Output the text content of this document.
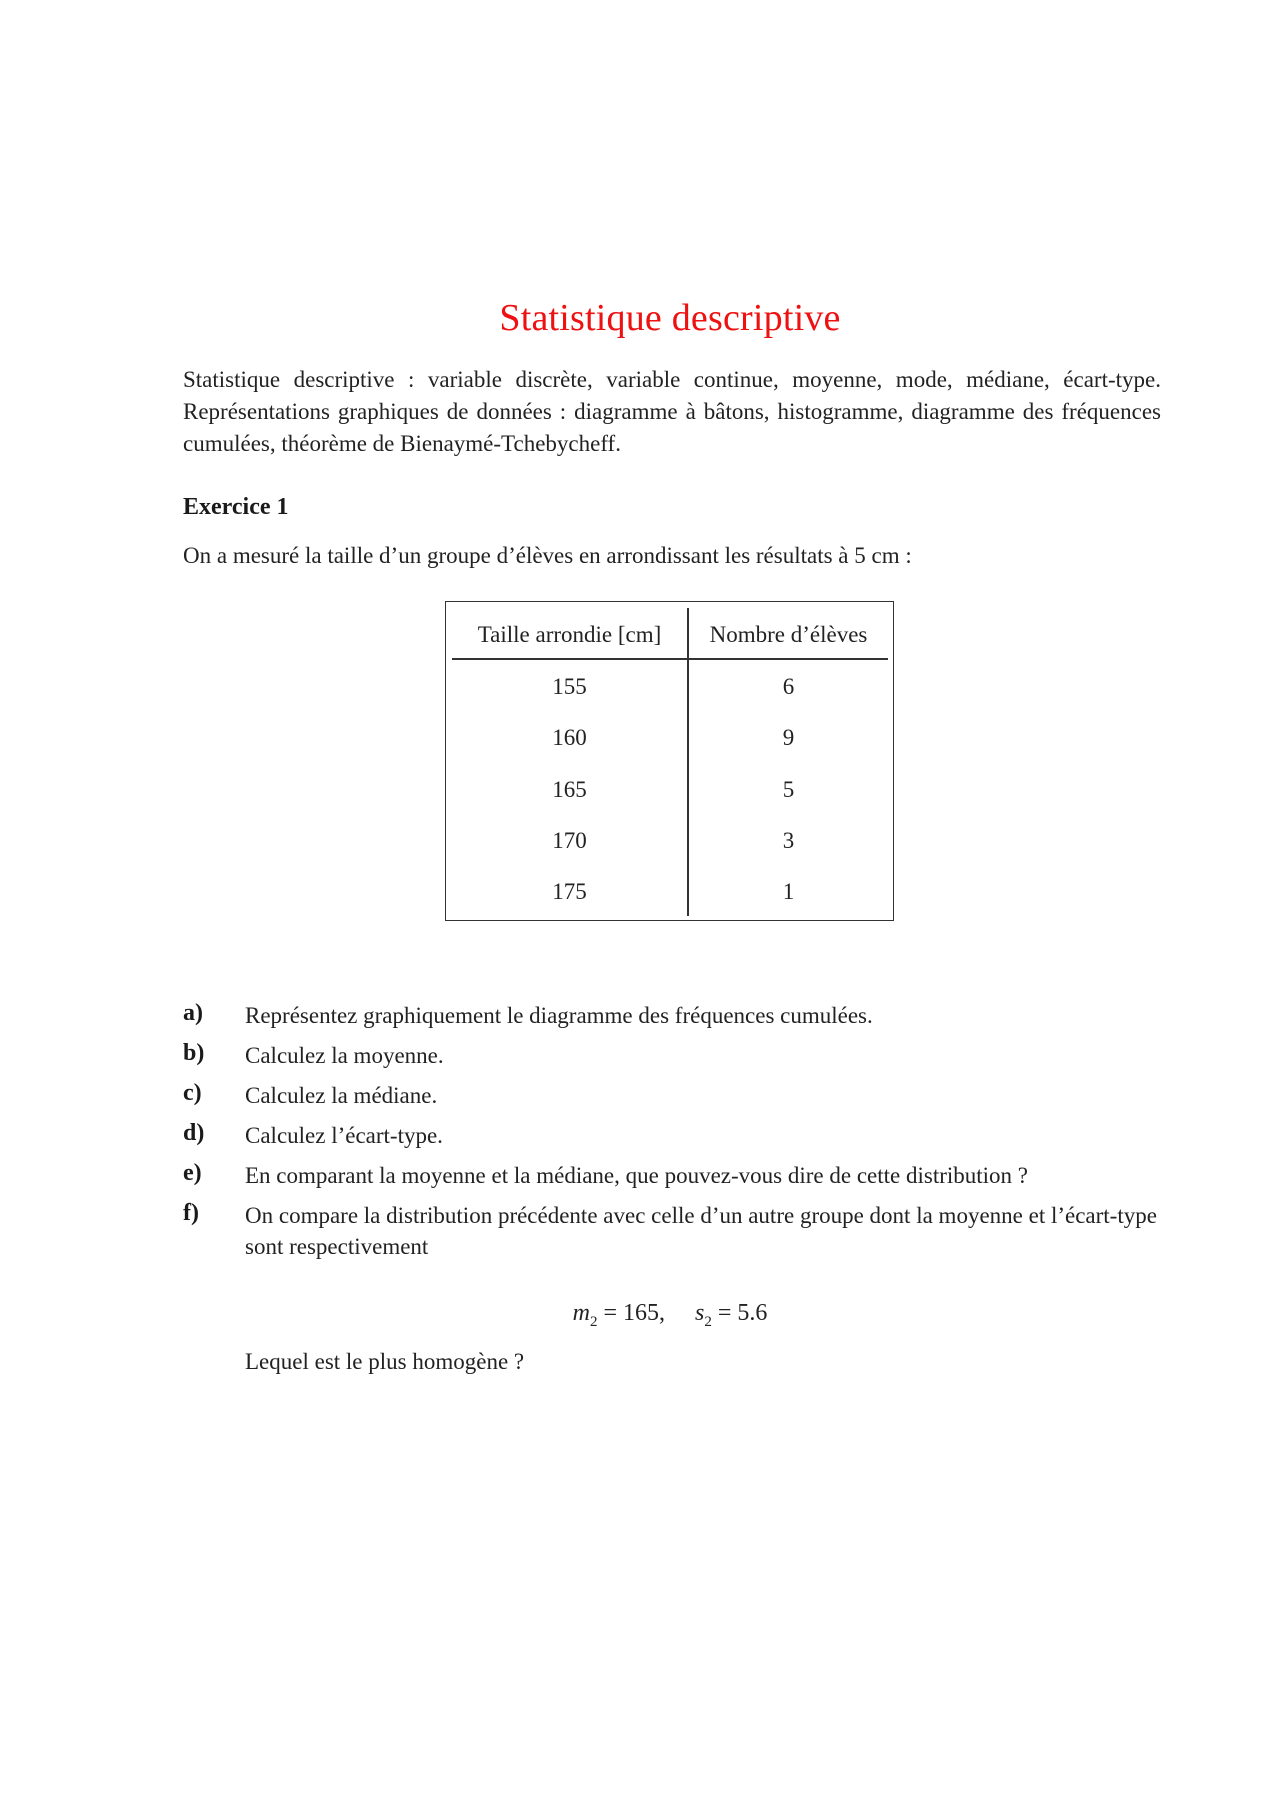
Statistique descriptive
Statistique descriptive : variable discrète, variable continue, moyenne, mode, médiane, écart-type. Représentations graphiques de données : diagramme à bâtons, histogramme, diagramme des fréquences cumulées, théorème de Bienaymé-Tchebycheff.
Exercice 1
On a mesuré la taille d’un groupe d’élèves en arrondissant les résultats à 5 cm :
Taille arrondie [cm]	Nombre d’élèves
155	6
160	9
165	5
170	3
175	1
a) Représentez graphiquement le diagramme des fréquences cumulées.
b) Calculez la moyenne.
c) Calculez la médiane.
d) Calculez l’écart-type.
e) En comparant la moyenne et la médiane, que pouvez-vous dire de cette distribution ?
f) On compare la distribution précédente avec celle d’un autre groupe dont la moyenne et l’écart-type sont respectivement
$m_2 = 165$, $s_2 = 5.6$
Lequel est le plus homogène ?
